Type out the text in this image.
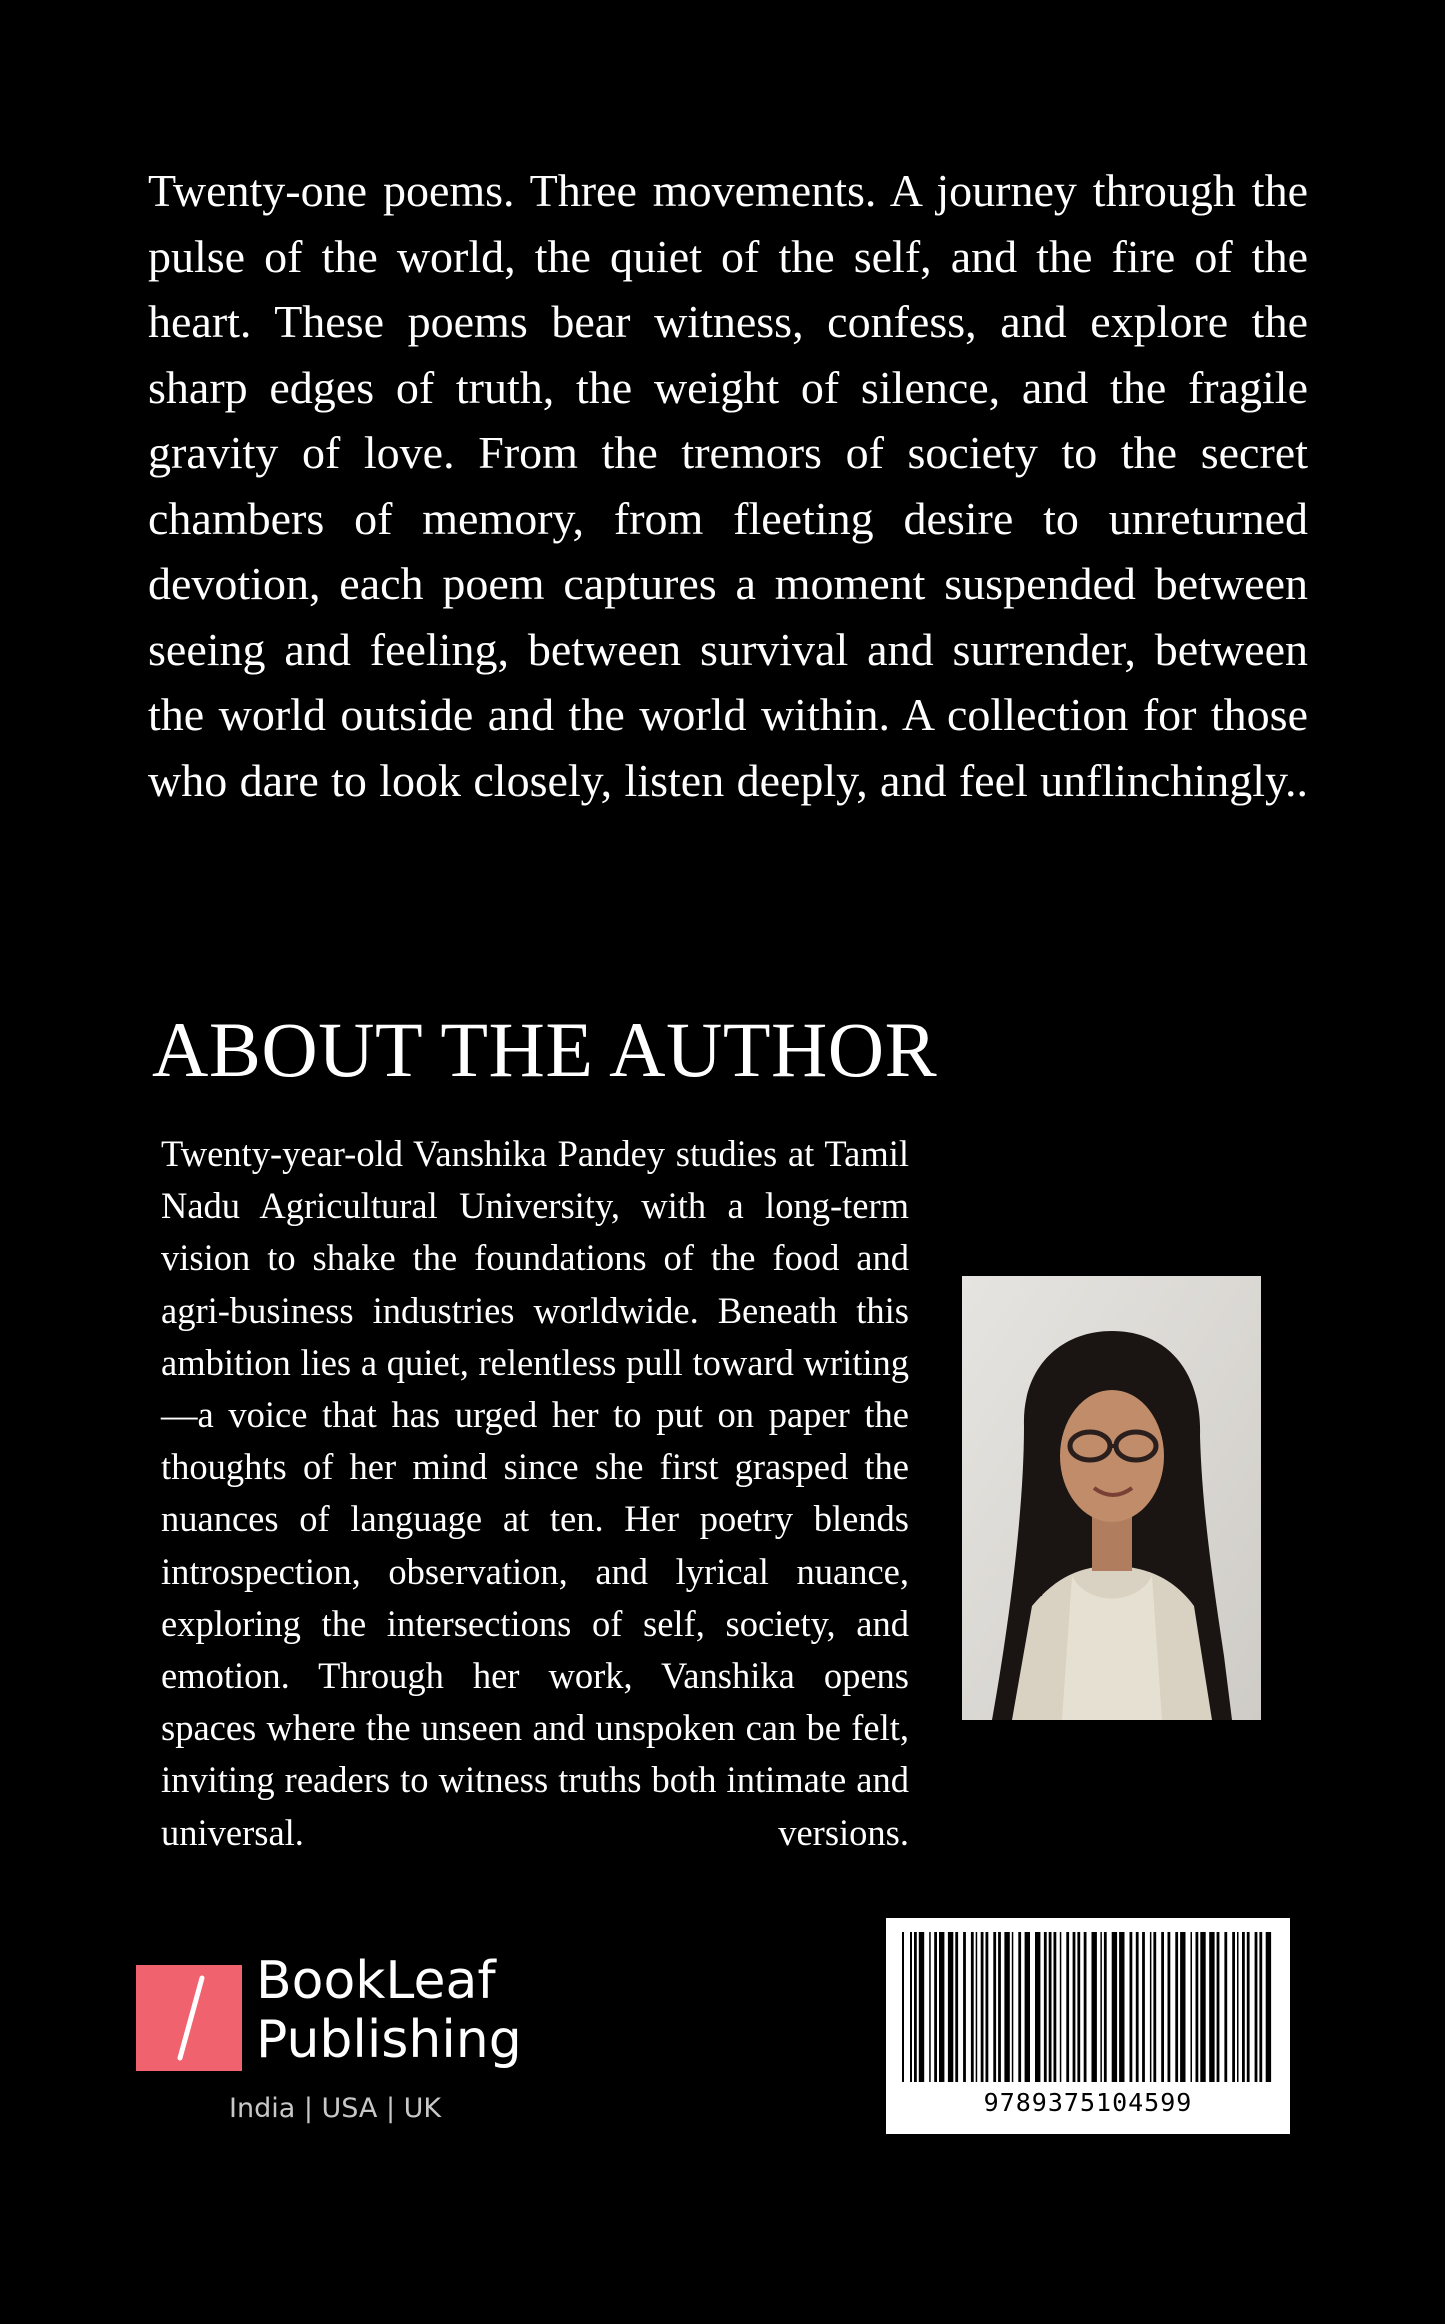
Twenty-one poems. Three movements. A journey through the pulse of the world, the quiet of the self, and the fire of the heart. These poems bear witness, confess, and explore the sharp edges of truth, the weight of silence, and the fragile gravity of love. From the tremors of society to the secret chambers of memory, from fleeting desire to unreturned devotion, each poem captures a moment suspended between seeing and feeling, between survival and surrender, between the world outside and the world within. A collection for those who dare to look closely, listen deeply, and feel unflinchingly..

ABOUT THE AUTHOR

Twenty-year-old Vanshika Pandey studies at Tamil Nadu Agricultural University, with a long-term vision to shake the foundations of the food and agri-business industries worldwide. Beneath this ambition lies a quiet, relentless pull toward writing—a voice that has urged her to put on paper the thoughts of her mind since she first grasped the nuances of language at ten. Her poetry blends introspection, observation, and lyrical nuance, exploring the intersections of self, society, and emotion. Through her work, Vanshika opens spaces where the unseen and unspoken can be felt, inviting readers to witness truths both intimate and universal. versions.

BookLeaf
Publishing
India | USA | UK	9789375104599
